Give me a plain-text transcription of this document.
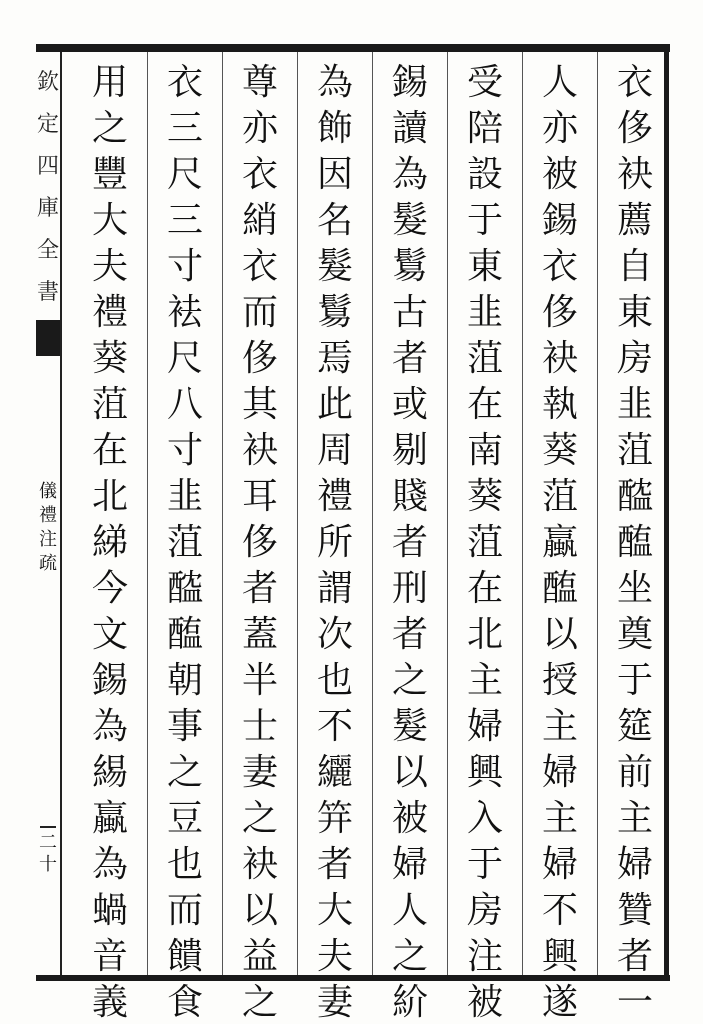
欽
定
四
庫
全
書
儀
禮
注
疏
二
十
衣
侈
袂
薦
自
東
房
韭
菹
醓
醢
坐
奠
于
筵
前
主
婦
贊
者
一
人
亦
被
錫
衣
侈
袂
執
葵
菹
蠃
醢
以
授
主
婦
主
婦
不
興
遂
受
陪
設
于
東
韭
菹
在
南
葵
菹
在
北
主
婦
興
入
于
房
注
被
錫
讀
為
髮
鬄
古
者
或
剔
賤
者
刑
者
之
髮
以
被
婦
人
之
紒
為
飾
因
名
髮
鬄
焉
此
周
禮
所
謂
次
也
不
纚
笄
者
大
夫
妻
尊
亦
衣
綃
衣
而
侈
其
袂
耳
侈
者
蓋
半
士
妻
之
袂
以
益
之
衣
三
尺
三
寸
袪
尺
八
寸
韭
菹
醓
醢
朝
事
之
豆
也
而
饋
食
用
之
豐
大
夫
禮
葵
菹
在
北
綈
今
文
錫
為
緆
蠃
為
蝸
音
義
